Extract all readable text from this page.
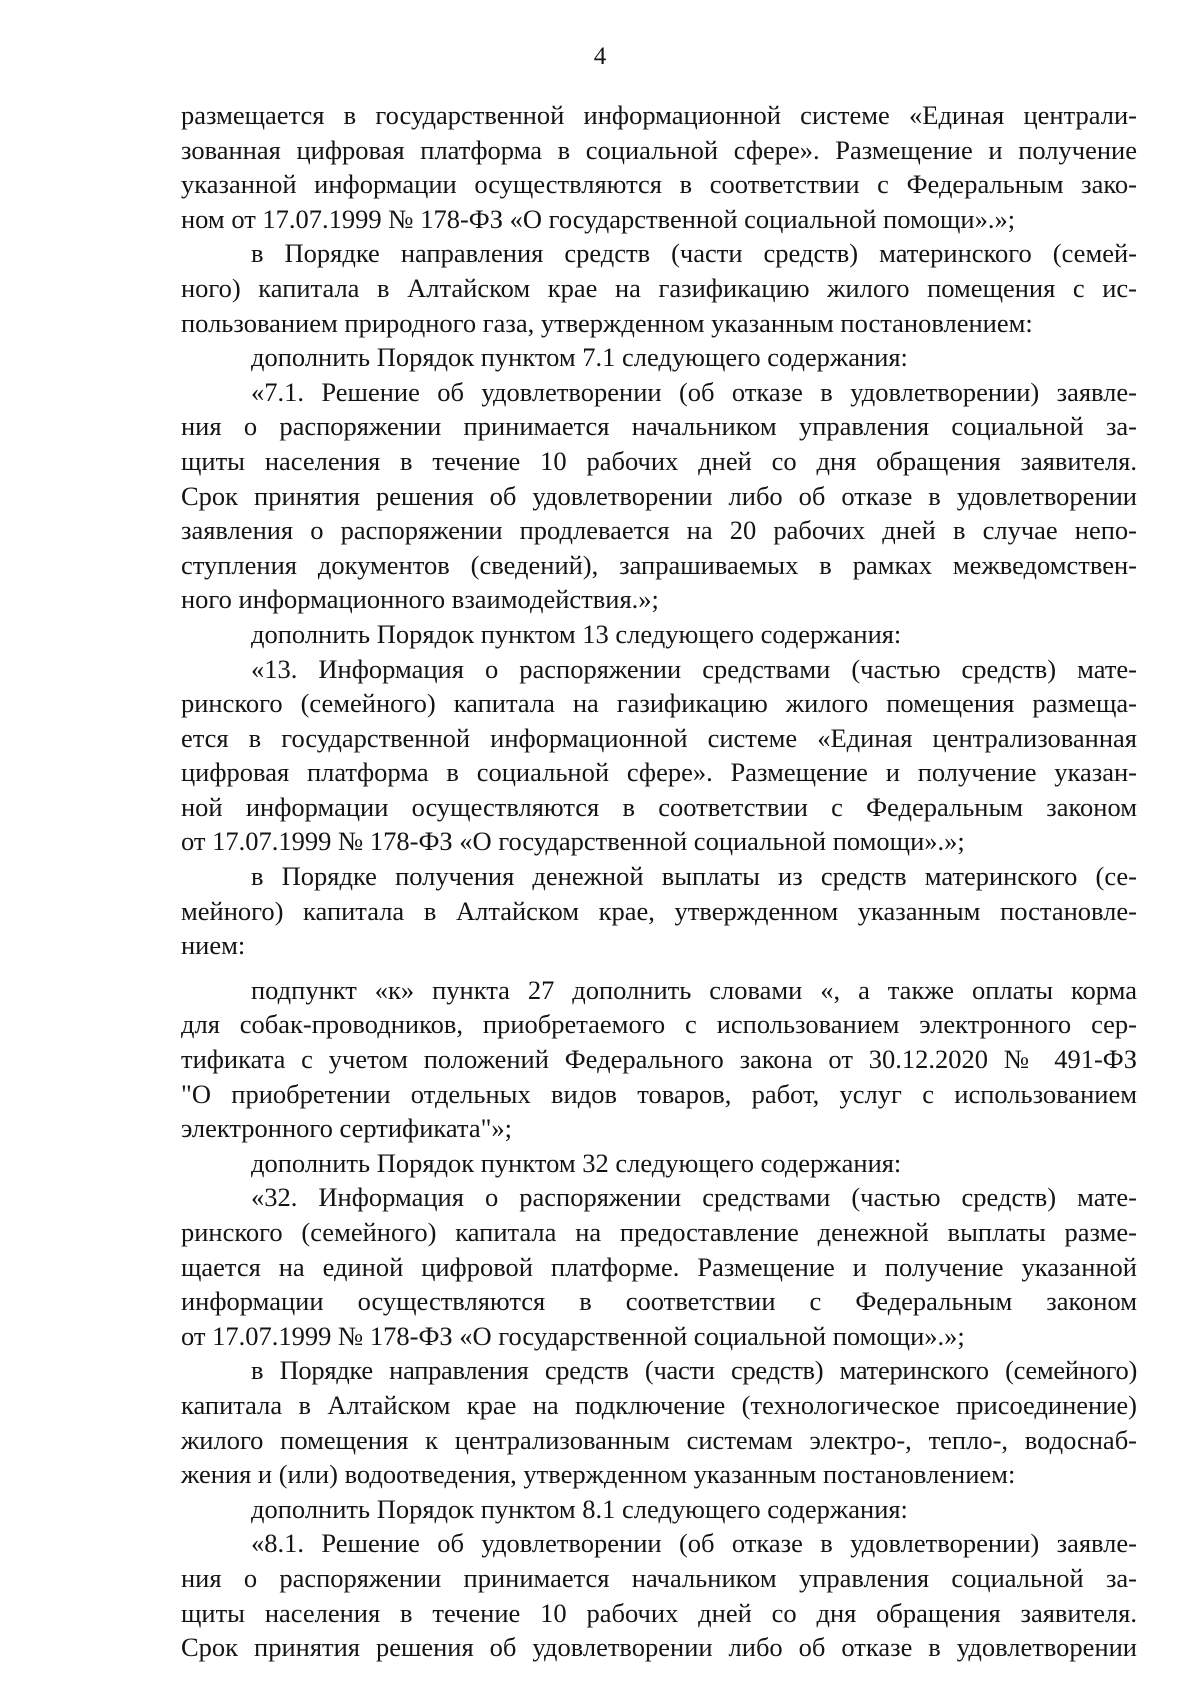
4
размещается в государственной информационной системе «Единая централи-
зованная цифровая платформа в социальной сфере». Размещение и получение
указанной информации осуществляются в соответствии с Федеральным зако-
ном от 17.07.1999 № 178-ФЗ «О государственной социальной помощи».»;
в Порядке направления средств (части средств) материнского (семей-
ного) капитала в Алтайском крае на газификацию жилого помещения с ис-
пользованием природного газа, утвержденном указанным постановлением:
дополнить Порядок пунктом 7.1 следующего содержания:
«7.1. Решение об удовлетворении (об отказе в удовлетворении) заявле-
ния о распоряжении принимается начальником управления социальной за-
щиты населения в течение 10 рабочих дней со дня обращения заявителя.
Срок принятия решения об удовлетворении либо об отказе в удовлетворении
заявления о распоряжении продлевается на 20 рабочих дней в случае непо-
ступления документов (сведений), запрашиваемых в рамках межведомствен-
ного информационного взаимодействия.»;
дополнить Порядок пунктом 13 следующего содержания:
«13. Информация о распоряжении средствами (частью средств) мате-
ринского (семейного) капитала на газификацию жилого помещения размеща-
ется в государственной информационной системе «Единая централизованная
цифровая платформа в социальной сфере». Размещение и получение указан-
ной информации осуществляются в соответствии с Федеральным законом
от 17.07.1999 № 178-ФЗ «О государственной социальной помощи».»;
в Порядке получения денежной выплаты из средств материнского (се-
мейного) капитала в Алтайском крае, утвержденном указанным постановле-
нием:
подпункт «к» пункта 27 дополнить словами «, а также оплаты корма
для собак-проводников, приобретаемого с использованием электронного сер-
тификата с учетом положений Федерального закона от 30.12.2020 № 491-ФЗ
"О приобретении отдельных видов товаров, работ, услуг с использованием
электронного сертификата"»;
дополнить Порядок пунктом 32 следующего содержания:
«32. Информация о распоряжении средствами (частью средств) мате-
ринского (семейного) капитала на предоставление денежной выплаты разме-
щается на единой цифровой платформе. Размещение и получение указанной
информации осуществляются в соответствии с Федеральным законом
от 17.07.1999 № 178-ФЗ «О государственной социальной помощи».»;
в Порядке направления средств (части средств) материнского (семейного)
капитала в Алтайском крае на подключение (технологическое присоединение)
жилого помещения к централизованным системам электро-, тепло-, водоснаб-
жения и (или) водоотведения, утвержденном указанным постановлением:
дополнить Порядок пунктом 8.1 следующего содержания:
«8.1. Решение об удовлетворении (об отказе в удовлетворении) заявле-
ния о распоряжении принимается начальником управления социальной за-
щиты населения в течение 10 рабочих дней со дня обращения заявителя.
Срок принятия решения об удовлетворении либо об отказе в удовлетворении
